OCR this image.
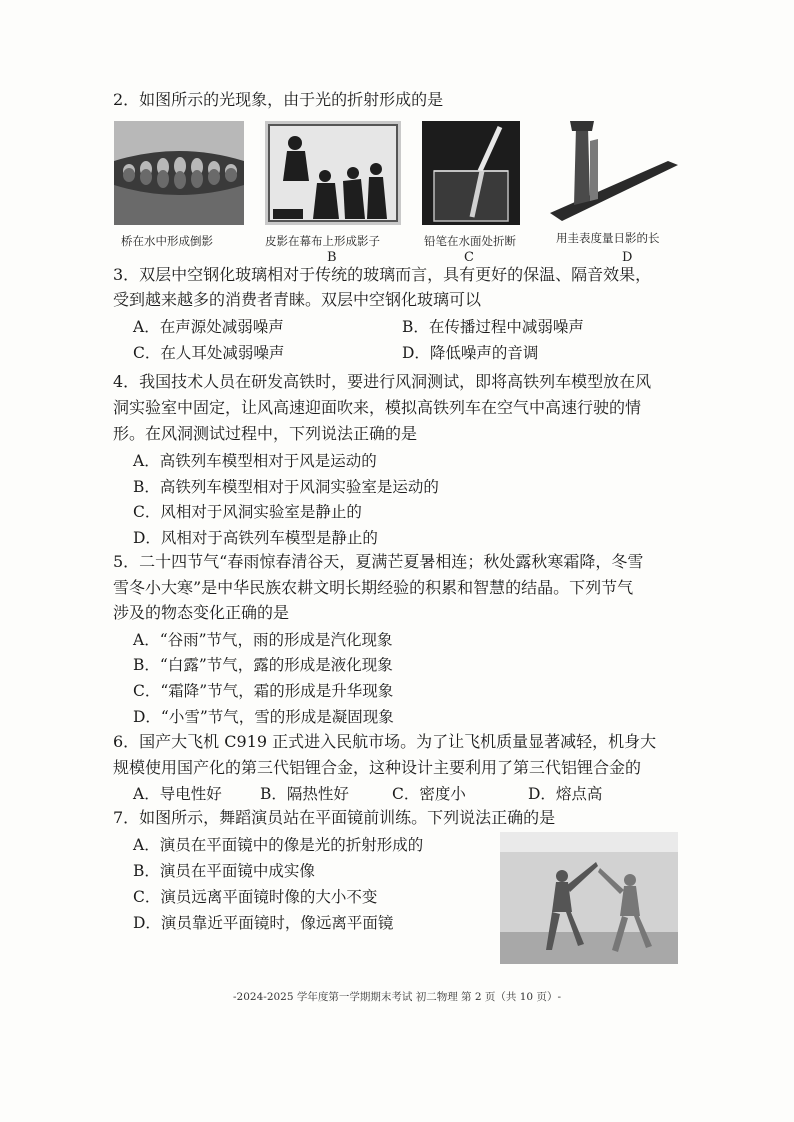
2．如图所示的光现象，由于光的折射形成的是
桥在水中形成倒影	皮影在幕布上形成影子	铅笔在水面处折断	用圭表度量日影的长
B	C	D
3．双层中空钢化玻璃相对于传统的玻璃而言，具有更好的保温、隔音效果，
受到越来越多的消费者青睐。双层中空钢化玻璃可以
A．在声源处减弱噪声	B．在传播过程中减弱噪声
C．在人耳处减弱噪声	D．降低噪声的音调
4．我国技术人员在研发高铁时，要进行风洞测试，即将高铁列车模型放在风
洞实验室中固定，让风高速迎面吹来，模拟高铁列车在空气中高速行驶的情
形。在风洞测试过程中，下列说法正确的是
A．高铁列车模型相对于风是运动的
B．高铁列车模型相对于风洞实验室是运动的
C．风相对于风洞实验室是静止的
D．风相对于高铁列车模型是静止的
5．二十四节气“春雨惊春清谷天，夏满芒夏暑相连；秋处露秋寒霜降，冬雪
雪冬小大寒”是中华民族农耕文明长期经验的积累和智慧的结晶。下列节气
涉及的物态变化正确的是
A．“谷雨”节气，雨的形成是汽化现象
B．“白露”节气，露的形成是液化现象
C．“霜降”节气，霜的形成是升华现象
D．“小雪”节气，雪的形成是凝固现象
6．国产大飞机 C919 正式进入民航市场。为了让飞机质量显著减轻，机身大
规模使用国产化的第三代铝锂合金，这种设计主要利用了第三代铝锂合金的
A．导电性好 B．隔热性好	C．密度小	D．熔点高
7．如图所示，舞蹈演员站在平面镜前训练。下列说法正确的是
A．演员在平面镜中的像是光的折射形成的
B．演员在平面镜中成实像
C．演员远离平面镜时像的大小不变
D．演员靠近平面镜时，像远离平面镜
-2024-2025 学年度第一学期期末考试 初二物理 第 2 页（共 10 页）-
